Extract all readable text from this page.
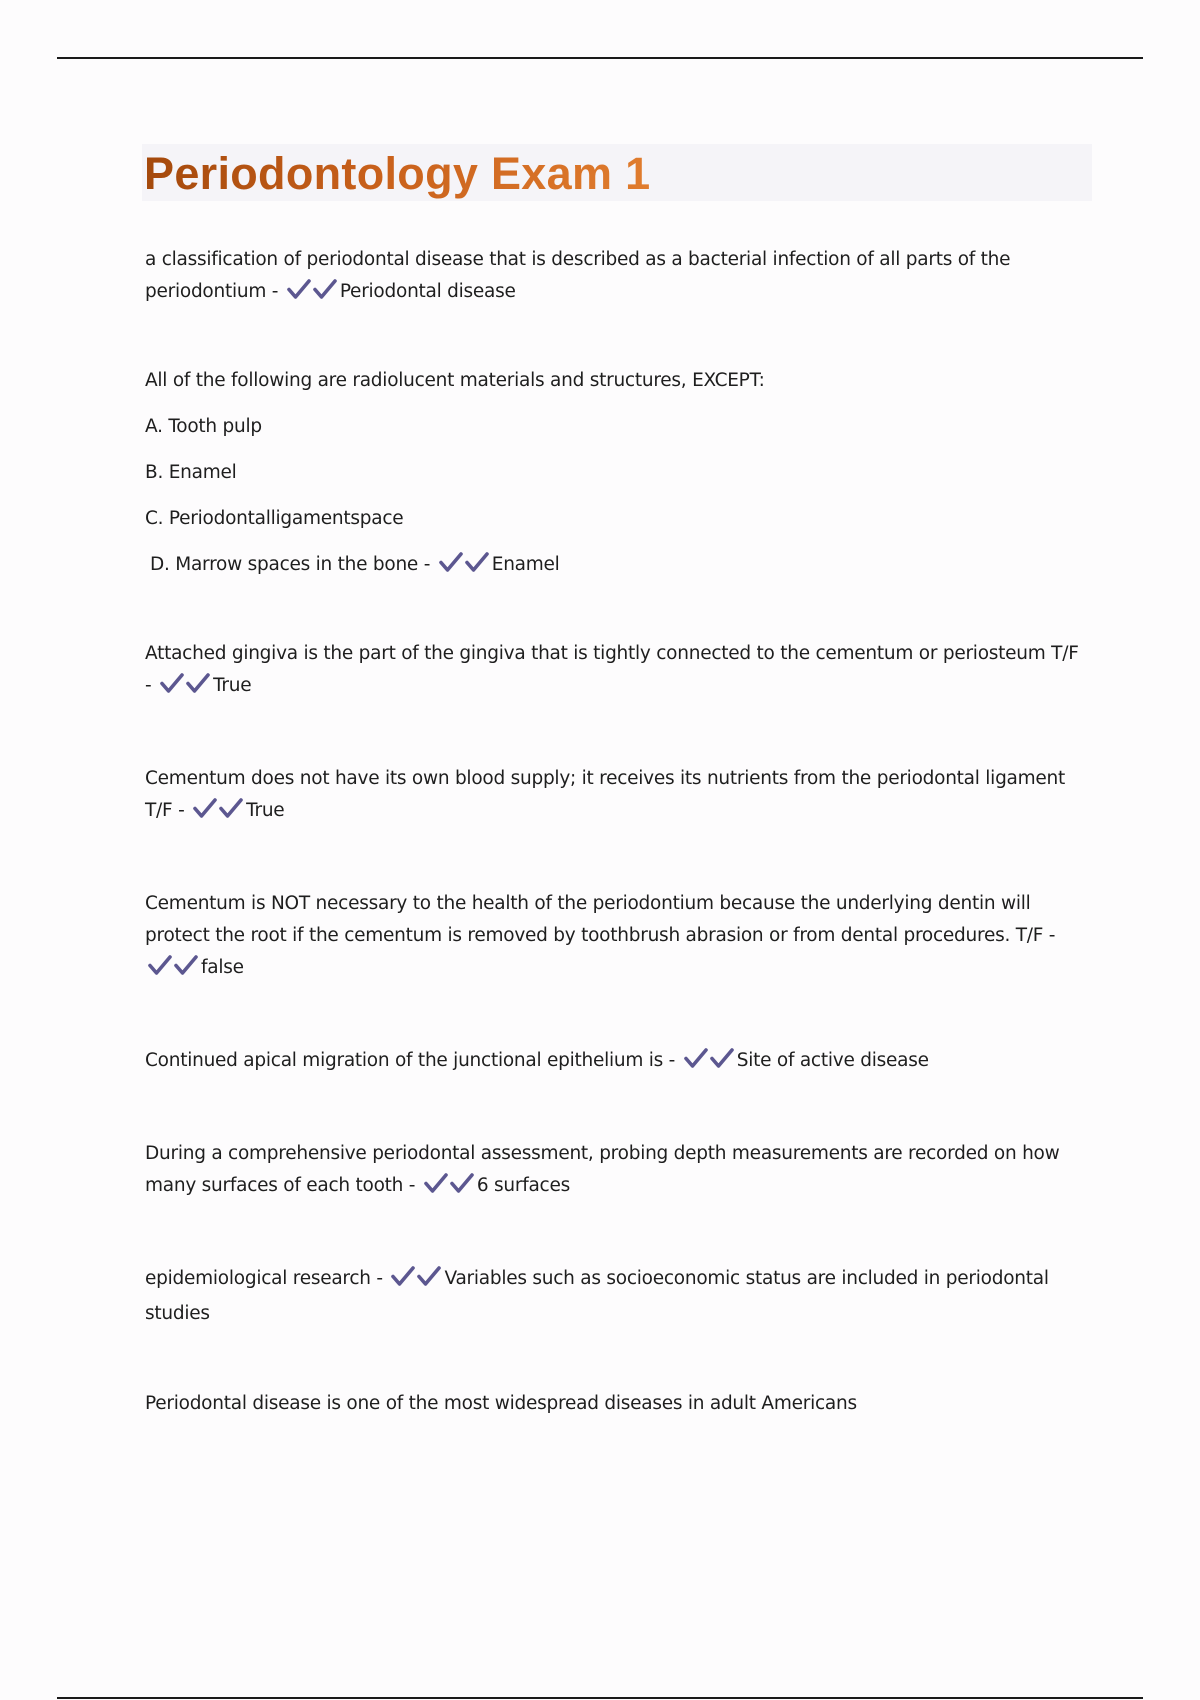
Periodontology Exam 1

a classification of periodontal disease that is described as a bacterial infection of all parts of the periodontium -	Periodontal disease

All of the following are radiolucent materials and structures, EXCEPT:

A. Tooth pulp

B. Enamel

C. Periodontalligamentspace

D. Marrow spaces in the bone -	Enamel

Attached gingiva is the part of the gingiva that is tightly connected to the cementum or periosteum T/F -	True

Cementum does not have its own blood supply; it receives its nutrients from the periodontal ligament T/F -	True

Cementum is NOT necessary to the health of the periodontium because the underlying dentin will protect the root if the cementum is removed by toothbrush abrasion or from dental procedures. T/F -
false

Continued apical migration of the junctional epithelium is -	Site of active disease

During a comprehensive periodontal assessment, probing depth measurements are recorded on how many surfaces of each tooth -	6 surfaces

epidemiological research -	Variables such as socioeconomic status are included in periodontal studies

Periodontal disease is one of the most widespread diseases in adult Americans
